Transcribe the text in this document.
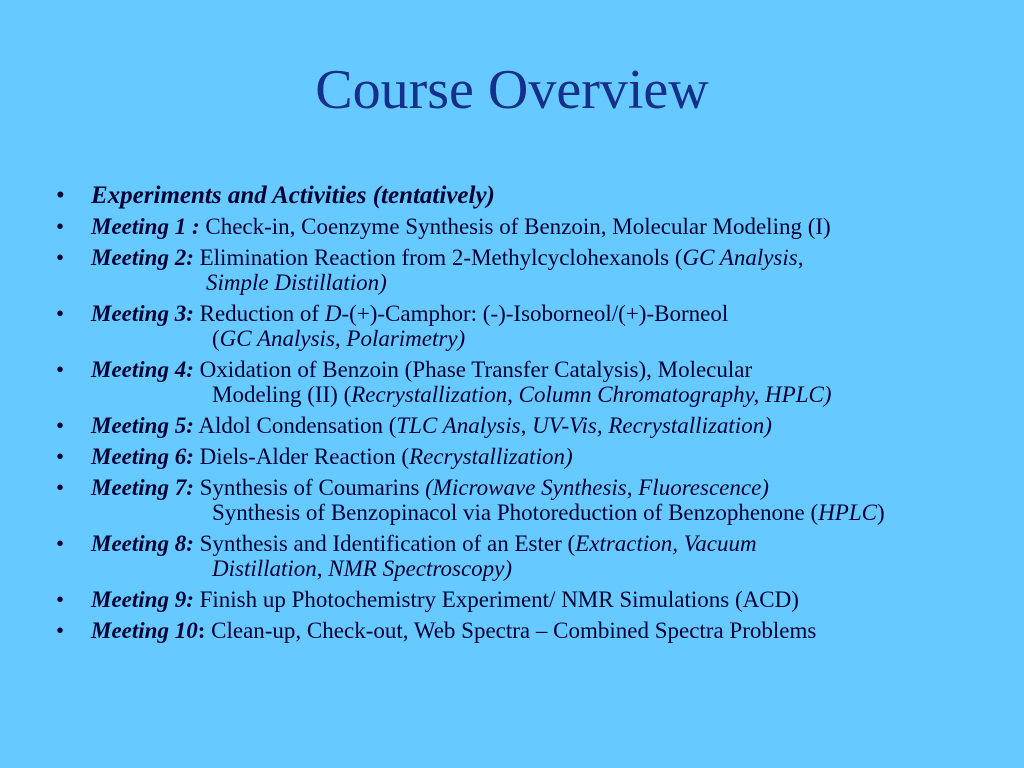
Course Overview
• Experiments and Activities (tentatively)
• Meeting 1 : Check-in, Coenzyme Synthesis of Benzoin, Molecular Modeling (I)
• Meeting 2: Elimination Reaction from 2-Methylcyclohexanols (GC Analysis,
Simple Distillation)
• Meeting 3: Reduction of D-(+)-Camphor: (-)-Isoborneol/(+)-Borneol
(GC Analysis, Polarimetry)
• Meeting 4: Oxidation of Benzoin (Phase Transfer Catalysis), Molecular
Modeling (II) (Recrystallization, Column Chromatography, HPLC)
• Meeting 5: Aldol Condensation (TLC Analysis, UV-Vis, Recrystallization)
• Meeting 6: Diels-Alder Reaction (Recrystallization)
• Meeting 7: Synthesis of Coumarins (Microwave Synthesis, Fluorescence)
Synthesis of Benzopinacol via Photoreduction of Benzophenone (HPLC)
• Meeting 8: Synthesis and Identification of an Ester (Extraction, Vacuum
Distillation, NMR Spectroscopy)
• Meeting 9: Finish up Photochemistry Experiment/ NMR Simulations (ACD)
• Meeting 10: Clean-up, Check-out, Web Spectra – Combined Spectra Problems
